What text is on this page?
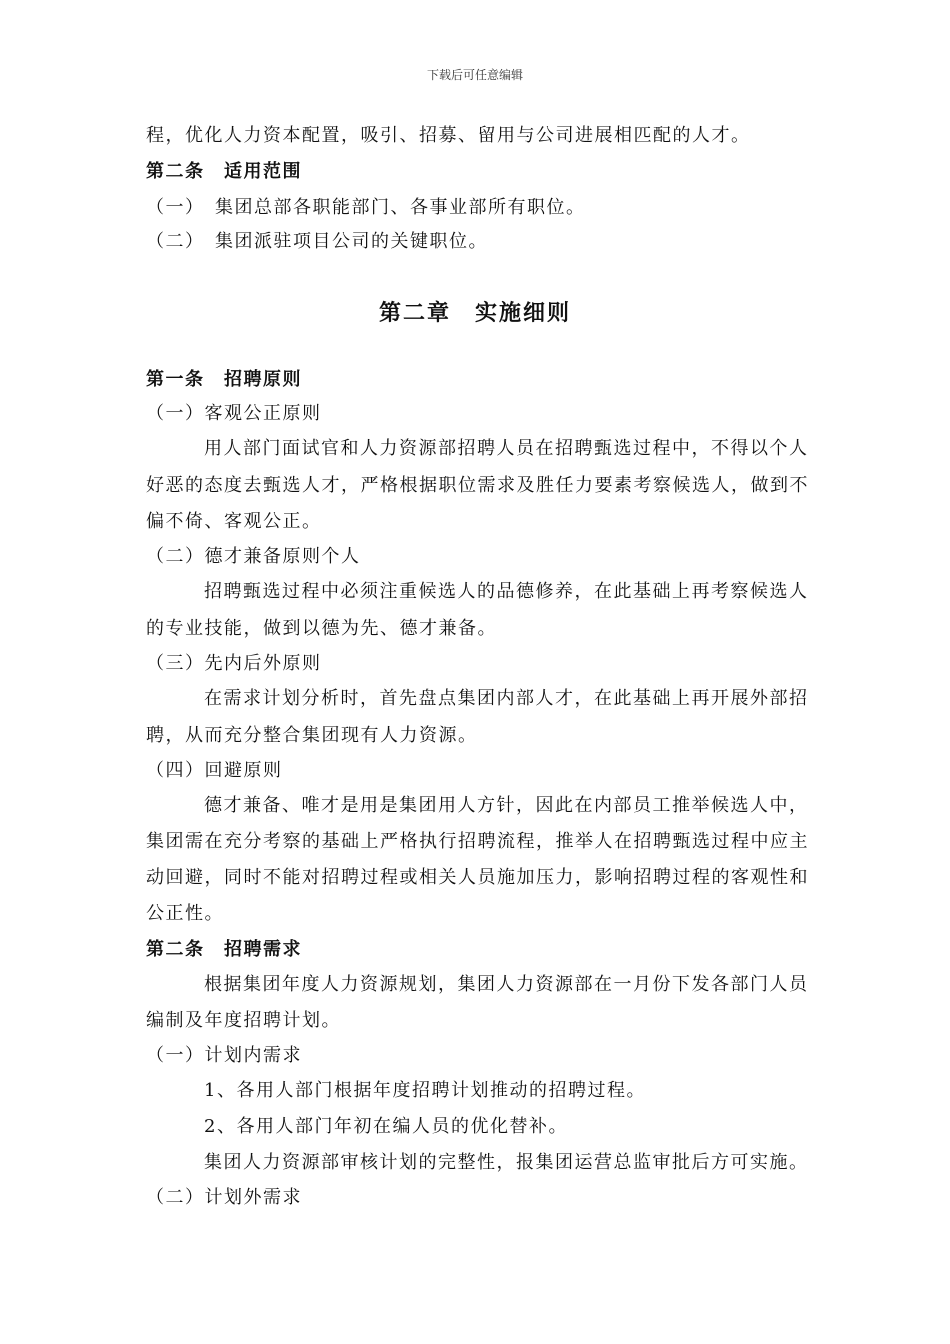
下载后可任意编辑
程，优化人力资本配置，吸引、招募、留用与公司进展相匹配的人才。
第二条　适用范围
（一）　集团总部各职能部门、各事业部所有职位。
（二）　集团派驻项目公司的关键职位。
第二章　实施细则
第一条　招聘原则
（一）客观公正原则
用人部门面试官和人力资源部招聘人员在招聘甄选过程中，不得以个人
好恶的态度去甄选人才，严格根据职位需求及胜任力要素考察候选人，做到不
偏不倚、客观公正。
（二）德才兼备原则个人
招聘甄选过程中必须注重候选人的品德修养，在此基础上再考察候选人
的专业技能，做到以德为先、德才兼备。
（三）先内后外原则
在需求计划分析时，首先盘点集团内部人才，在此基础上再开展外部招
聘，从而充分整合集团现有人力资源。
（四）回避原则
德才兼备、唯才是用是集团用人方针，因此在内部员工推举候选人中，
集团需在充分考察的基础上严格执行招聘流程，推举人在招聘甄选过程中应主
动回避，同时不能对招聘过程或相关人员施加压力，影响招聘过程的客观性和
公正性。
第二条　招聘需求
根据集团年度人力资源规划，集团人力资源部在一月份下发各部门人员
编制及年度招聘计划。
（一）计划内需求
1、各用人部门根据年度招聘计划推动的招聘过程。
2、各用人部门年初在编人员的优化替补。
集团人力资源部审核计划的完整性，报集团运营总监审批后方可实施。
（二）计划外需求
